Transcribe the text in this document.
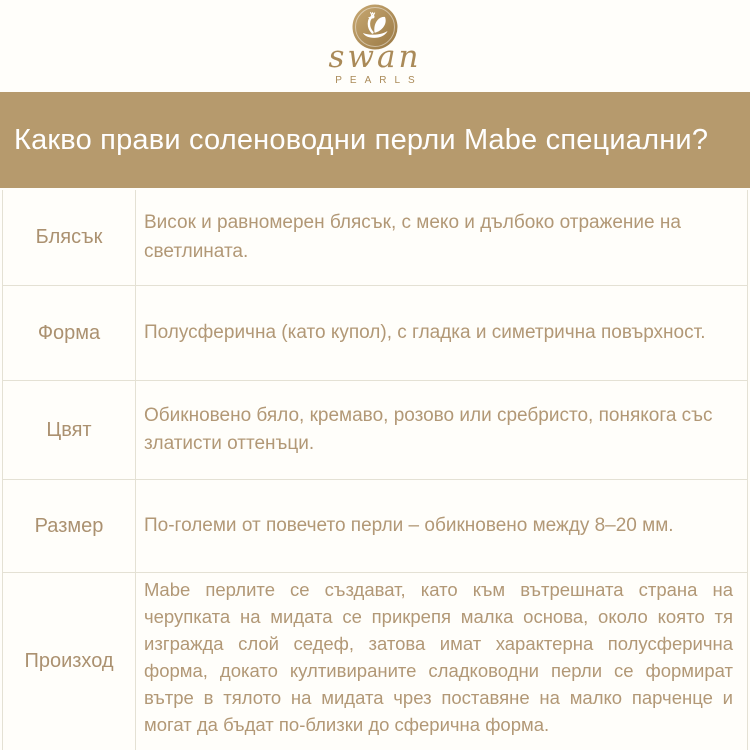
swan
PEARLS
Какво прави соленоводни перли Mabe специални?
Блясък
Висок и равномерен блясък, с меко и дълбоко отражение на светлината.
Форма	Полусферична (като купол), с гладка и симетрична повърхност.
Цвят
Обикновено бяло, кремаво, розово или сребристо, понякога със златисти оттенъци.
Размер	По-големи от повечето перли – обикновено между 8–20 мм.
Произход
Mabe перлите се създават, като към вътрешната страна на черупката на мидата се прикрепя малка основа, около която тя изгражда слой седеф, затова имат характерна полусферична форма, докато култивираните сладководни перли се формират вътре в тялото на мидата чрез поставяне на малко парченце и могат да бъдат по-близки до сферична форма.
